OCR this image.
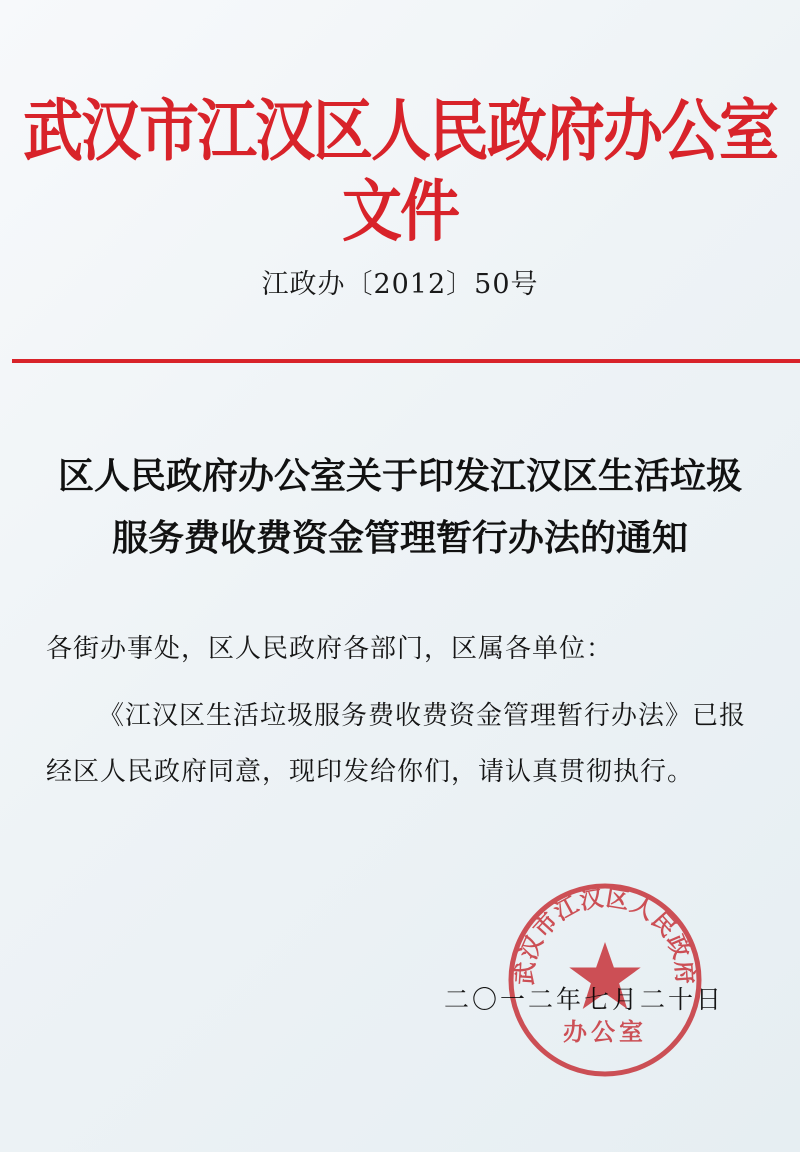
武汉市江汉区人民政府办公室文件
江政办〔2012〕50号
区人民政府办公室关于印发江汉区生活垃圾
服务费收费资金管理暂行办法的通知
各街办事处，区人民政府各部门，区属各单位：
《江汉区生活垃圾服务费收费资金管理暂行办法》已报经区人民政府同意，现印发给你们，请认真贯彻执行。
二〇一二年七月二十日
武汉市江汉区人民政府
办公室
